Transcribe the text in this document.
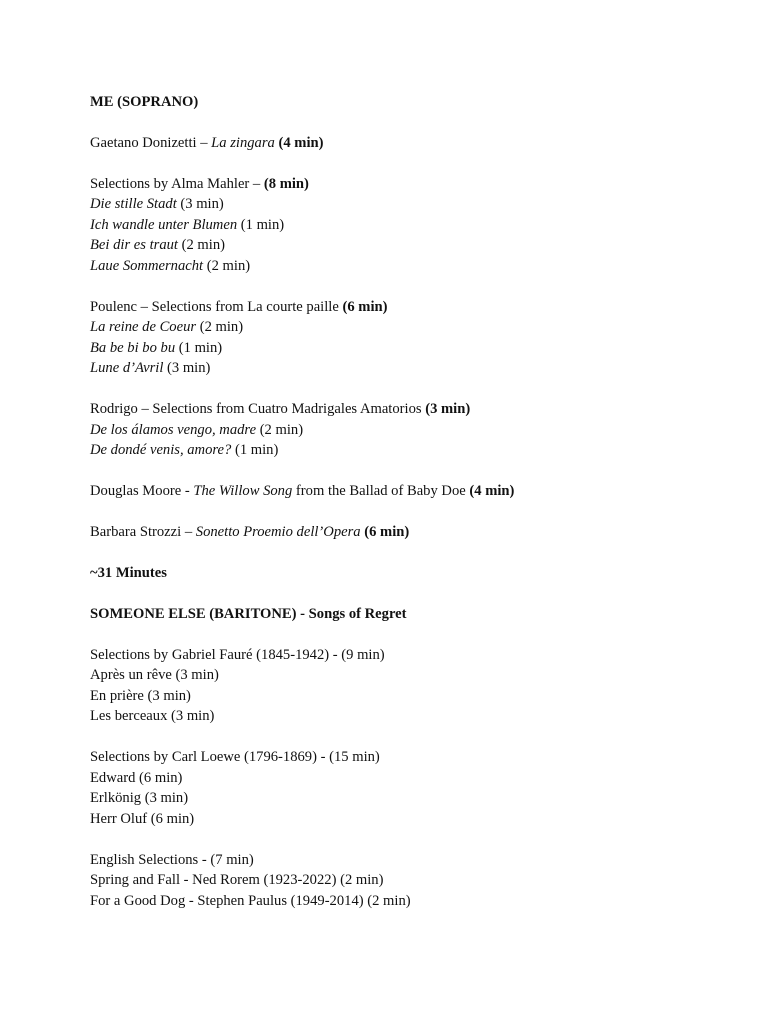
ME (SOPRANO)
Gaetano Donizetti – La zingara (4 min)
Selections by Alma Mahler – (8 min)
Die stille Stadt (3 min)
Ich wandle unter Blumen (1 min)
Bei dir es traut (2 min)
Laue Sommernacht (2 min)
Poulenc – Selections from La courte paille (6 min)
La reine de Coeur (2 min)
Ba be bi bo bu (1 min)
Lune d’Avril (3 min)
Rodrigo – Selections from Cuatro Madrigales Amatorios (3 min)
De los álamos vengo, madre (2 min)
De dondé venis, amore? (1 min)
Douglas Moore - The Willow Song from the Ballad of Baby Doe (4 min)
Barbara Strozzi – Sonetto Proemio dell’Opera (6 min)
~31 Minutes
SOMEONE ELSE (BARITONE) - Songs of Regret
Selections by Gabriel Fauré (1845-1942) - (9 min)
Après un rêve (3 min)
En prière (3 min)
Les berceaux (3 min)
Selections by Carl Loewe (1796-1869) - (15 min)
Edward (6 min)
Erlkönig (3 min)
Herr Oluf (6 min)
English Selections - (7 min)
Spring and Fall - Ned Rorem (1923-2022) (2 min)
For a Good Dog - Stephen Paulus (1949-2014) (2 min)
